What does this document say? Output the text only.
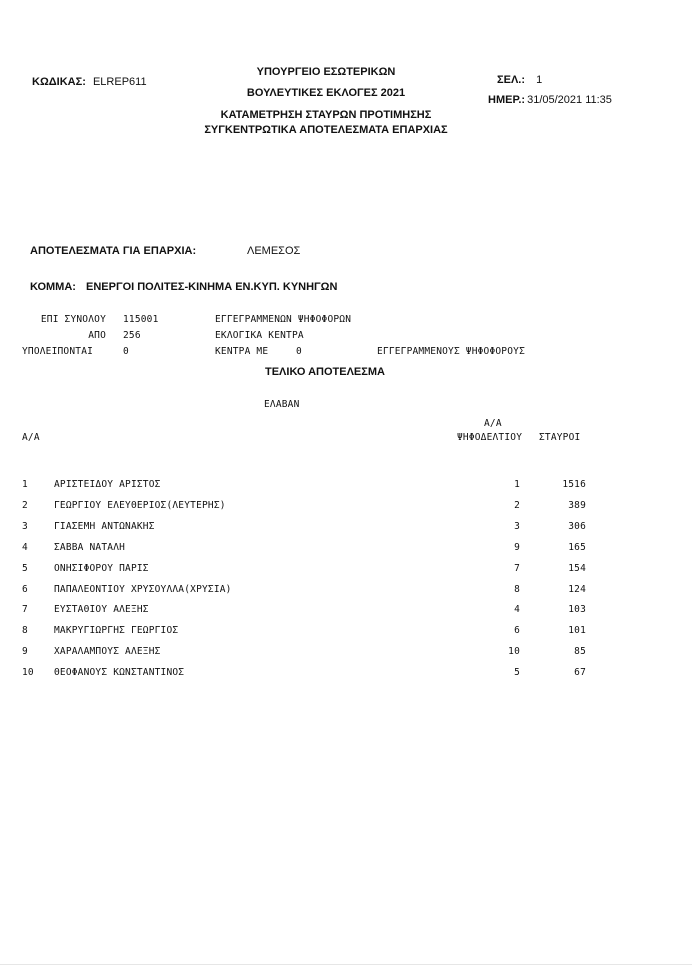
ΚΩΔΙΚΑΣ: ELREP611
ΥΠΟΥΡΓΕΙΟ ΕΣΩΤΕΡΙΚΩΝ
ΒΟΥΛΕΥΤΙΚΕΣ ΕΚΛΟΓΕΣ 2021
ΚΑΤΑΜΕΤΡΗΣΗ ΣΤΑΥΡΩΝ ΠΡΟΤΙΜΗΣΗΣ
ΣΥΓΚΕΝΤΡΩΤΙΚΑ ΑΠΟΤΕΛΕΣΜΑΤΑ ΕΠΑΡΧΙΑΣ
ΣΕΛ.: 1
ΗΜΕΡ.: 31/05/2021 11:35
ΑΠΟΤΕΛΕΣΜΑΤΑ ΓΙΑ ΕΠΑΡΧΙΑ:	ΛΕΜΕΣΟΣ
ΚΟΜΜΑ: ΕΝΕΡΓΟΙ ΠΟΛΙΤΕΣ-ΚΙΝΗΜΑ ΕΝ.ΚΥΠ. ΚΥΝΗΓΩΝ
ΕΠΙ ΣΥΝΟΛΟΥ 115001	ΕΓΓΕΓΡΑΜΜΕΝΩΝ ΨΗΦΟΦΟΡΩΝ
ΑΠΟ 256	ΕΚΛΟΓΙΚΑ ΚΕΝΤΡΑ
ΥΠΟΛΕΙΠΟΝΤΑΙ	0	ΚΕΝΤΡΑ ΜΕ	0	ΕΓΓΕΓΡΑΜΜΕΝΟΥΣ ΨΗΦΟΦΟΡΟΥΣ
ΤΕΛΙΚΟ ΑΠΟΤΕΛΕΣΜΑ
ΕΛΑΒΑΝ
Α/Α
Α/Α
ΨΗΦΟΔΕΛΤΙΟΥ ΣΤΑΥΡΟΙ
1	ΑΡΙΣΤΕΙΔΟΥ ΑΡΙΣΤΟΣ	1	1516
2	ΓΕΩΡΓΙΟΥ ΕΛΕΥΘΕΡΙΟΣ(ΛΕΥΤΕΡΗΣ)	2	389
3	ΓΙΑΣΕΜΗ ΑΝΤΩΝΑΚΗΣ	3	306
4	ΣΑΒΒΑ ΝΑΤΑΛΗ	9	165
5	ΟΝΗΣΙΦΟΡΟΥ ΠΑΡΙΣ	7	154
6	ΠΑΠΑΛΕΟΝΤΙΟΥ ΧΡΥΣΟΥΛΛΑ(ΧΡΥΣΙΑ)	8	124
7	ΕΥΣΤΑΘΙΟΥ ΑΛΕΞΗΣ	4	103
8	ΜΑΚΡΥΓΙΩΡΓΗΣ ΓΕΩΡΓΙΟΣ	6	101
9	ΧΑΡΑΛΑΜΠΟΥΣ ΑΛΕΞΗΣ	10	85
10 ΘΕΟΦΑΝΟΥΣ ΚΩΝΣΤΑΝΤΙΝΟΣ	5	67
